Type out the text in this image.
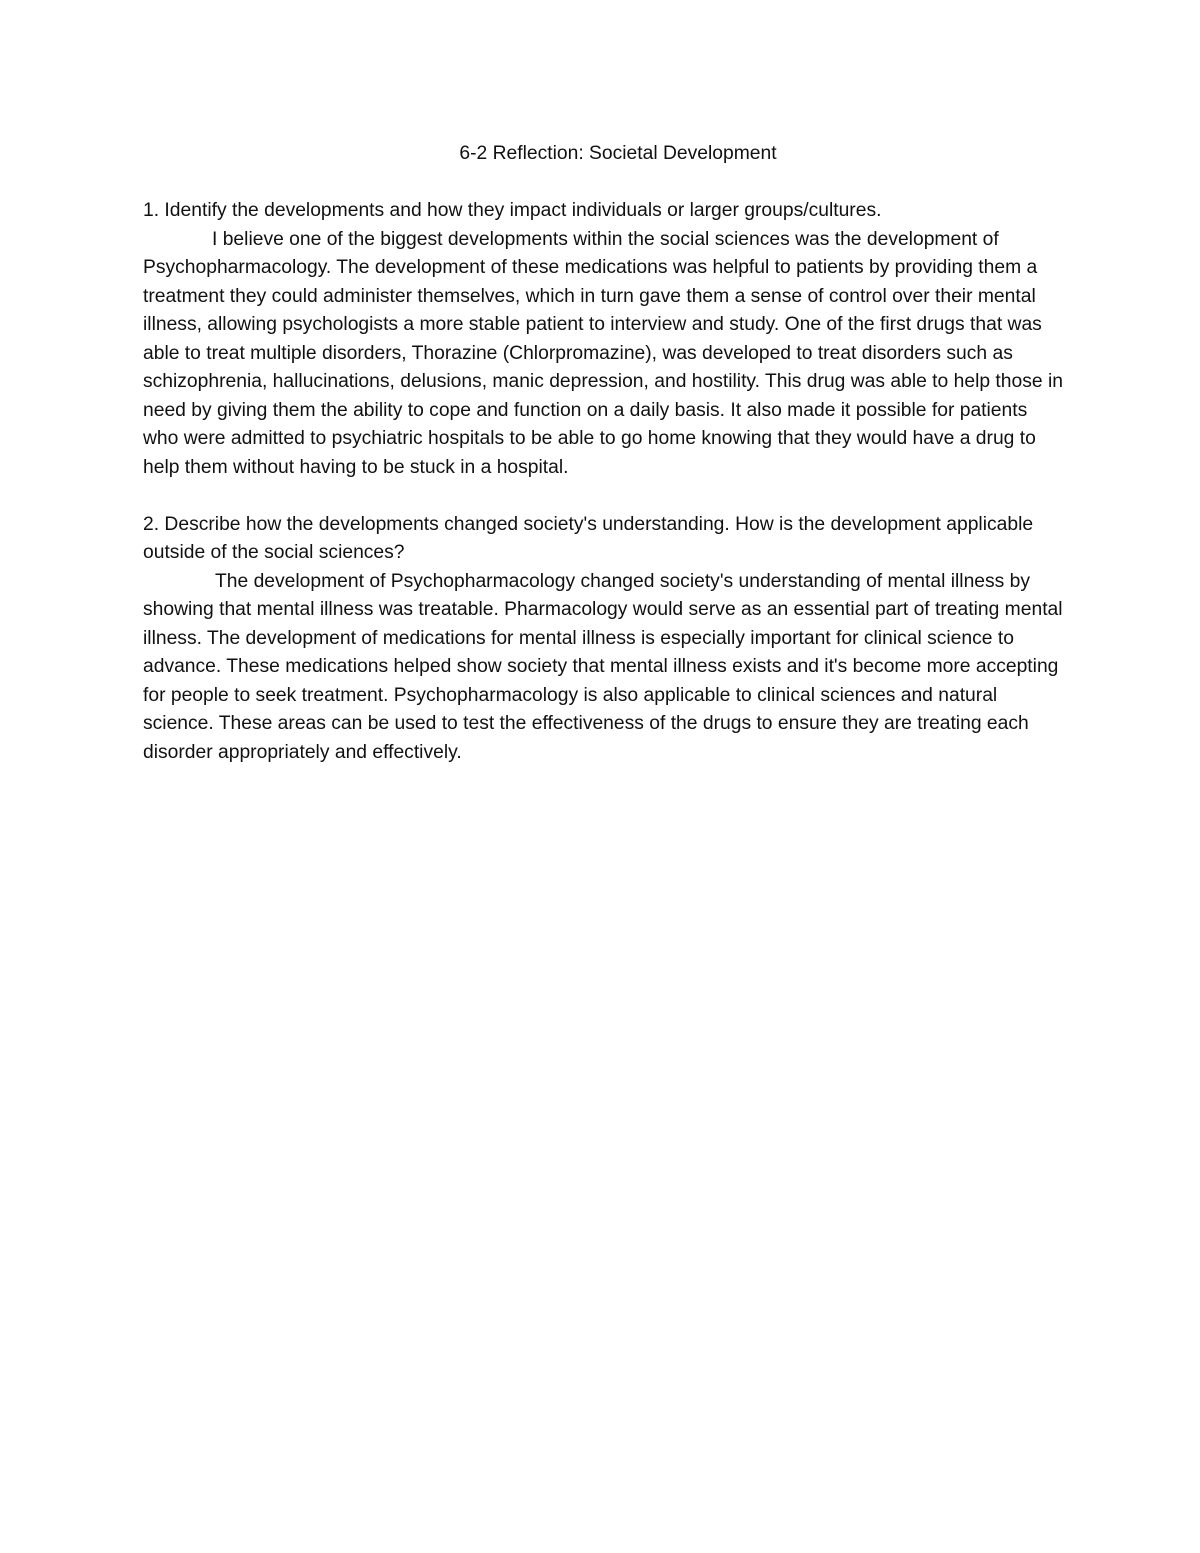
6-2 Reflection: Societal Development

1. Identify the developments and how they impact individuals or larger groups/cultures.

I believe one of the biggest developments within the social sciences was the development of Psychopharmacology. The development of these medications was helpful to patients by providing them a treatment they could administer themselves, which in turn gave them a sense of control over their mental illness, allowing psychologists a more stable patient to interview and study. One of the first drugs that was able to treat multiple disorders, Thorazine (Chlorpromazine), was developed to treat disorders such as schizophrenia, hallucinations, delusions, manic depression, and hostility. This drug was able to help those in need by giving them the ability to cope and function on a daily basis. It also made it possible for patients who were admitted to psychiatric hospitals to be able to go home knowing that they would have a drug to help them without having to be stuck in a hospital.

2. Describe how the developments changed society's understanding. How is the development applicable outside of the social sciences?

The development of Psychopharmacology changed society's understanding of mental illness by showing that mental illness was treatable. Pharmacology would serve as an essential part of treating mental illness. The development of medications for mental illness is especially important for clinical science to advance. These medications helped show society that mental illness exists and it's become more accepting for people to seek treatment. Psychopharmacology is also applicable to clinical sciences and natural science. These areas can be used to test the effectiveness of the drugs to ensure they are treating each disorder appropriately and effectively.
